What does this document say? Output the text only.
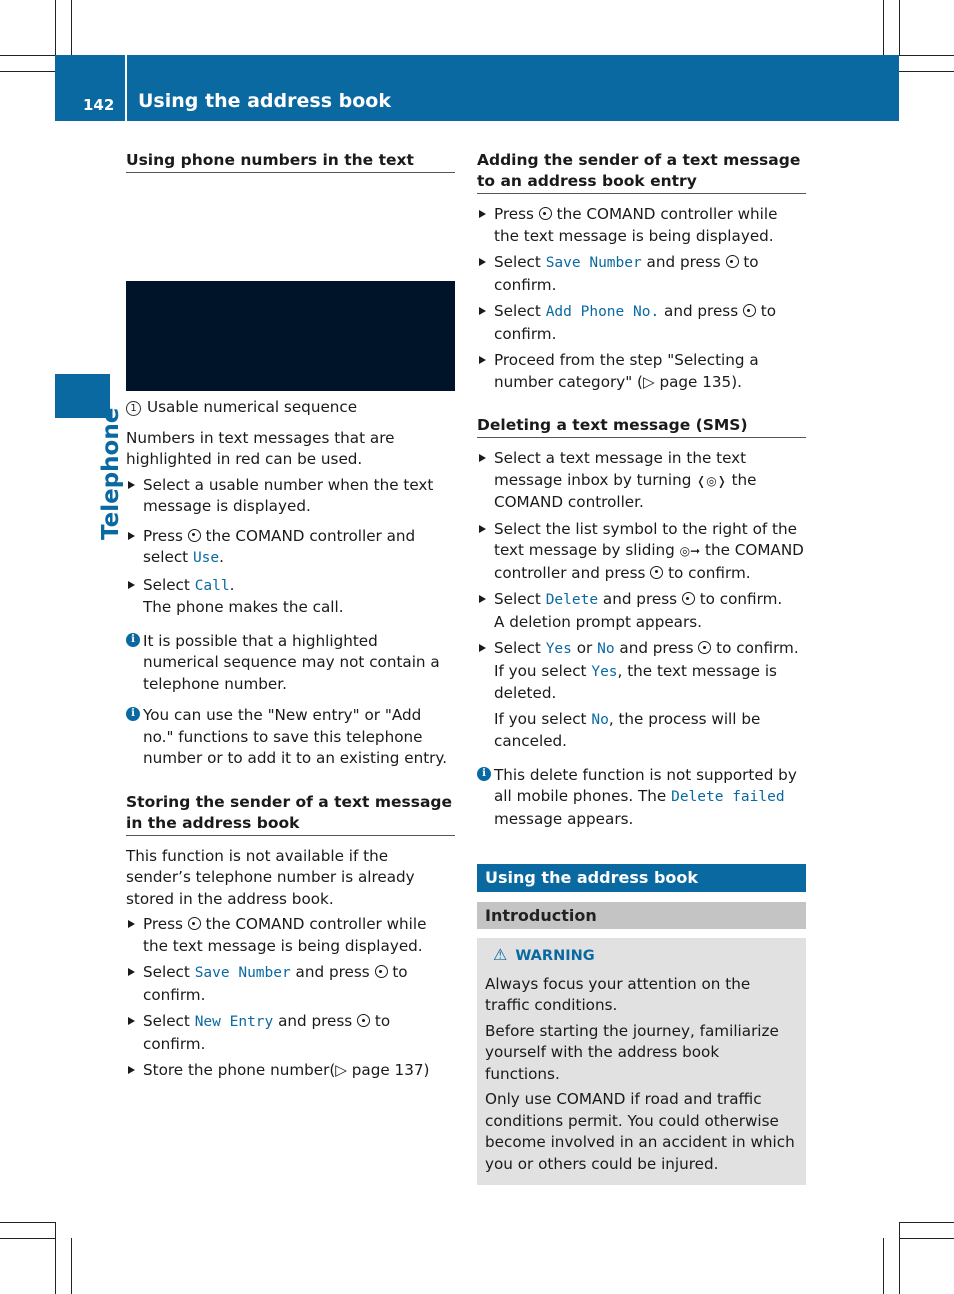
142 Using the address book
Telephone
Using phone numbers in the text

1 Usable numerical sequence

Numbers in text messages that are highlighted in red can be used.

Select a usable number when the text message is displayed.
Press the COMAND controller and select Use.
Select Call.
The phone makes the call.
i It is possible that a highlighted numerical sequence may not contain a telephone number.
i You can use the "New entry" or "Add no." functions to save this telephone number or to add it to an existing entry.
Storing the sender of a text message in the address book

This function is not available if the sender’s telephone number is already stored in the address book.

Press the COMAND controller while the text message is being displayed.
Select Save Number and press to confirm.
Select New Entry and press to confirm.
Store the phone number(▷ page 137)
Adding the sender of a text message to an address book entry
Press the COMAND controller while the text message is being displayed.
Select Save Number and press to confirm.
Select Add Phone No. and press to confirm.
Proceed from the step "Selecting a number category" (▷ page 135).
Deleting a text message (SMS)
Select a text message in the text message inbox by turning ❬◎❭ the COMAND controller.
Select the list symbol to the right of the text message by sliding ◎➞ the COMAND controller and press to confirm.
Select Delete and press to confirm.
A deletion prompt appears.
Select Yes or No and press to confirm.
If you select Yes, the text message is deleted.
If you select No, the process will be canceled.
i This delete function is not supported by all mobile phones. The Delete failed message appears.
Using the address book
Introduction
⚠ WARNING

Always focus your attention on the traffic conditions.

Before starting the journey, familiarize yourself with the address book functions.

Only use COMAND if road and traffic conditions permit. You could otherwise become involved in an accident in which you or others could be injured.
